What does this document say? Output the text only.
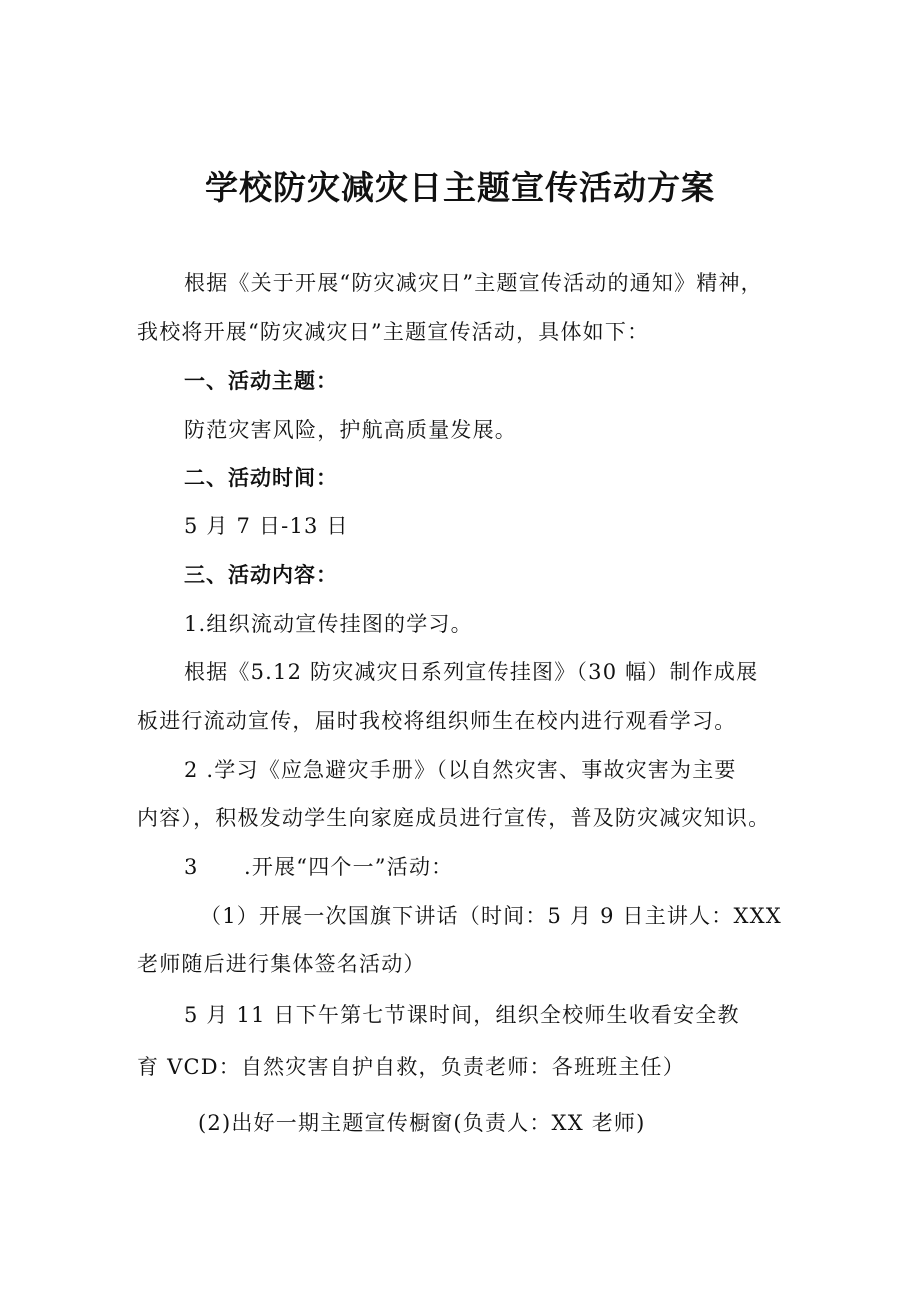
学校防灾减灾日主题宣传活动方案
根据《关于开展“防灾减灾日”主题宣传活动的通知》精神，
我校将开展“防灾减灾日”主题宣传活动，具体如下：
一、活动主题：
防范灾害风险，护航高质量发展。
二、活动时间：
5 月 7 日-13 日
三、活动内容：
1.组织流动宣传挂图的学习。
根据《5.12 防灾减灾日系列宣传挂图》（30 幅）制作成展
板进行流动宣传，届时我校将组织师生在校内进行观看学习。
2 .学习《应急避灾手册》（以自然灾害、事故灾害为主要
内容），积极发动学生向家庭成员进行宣传，普及防灾减灾知识。
3 .开展“四个一”活动：
（1）开展一次国旗下讲话（时间：5 月 9 日主讲人：XXX
老师随后进行集体签名活动）
5 月 11 日下午第七节课时间，组织全校师生收看安全教
育 VCD：自然灾害自护自救，负责老师：各班班主任）
(2)出好一期主题宣传橱窗(负责人：XX 老师)
